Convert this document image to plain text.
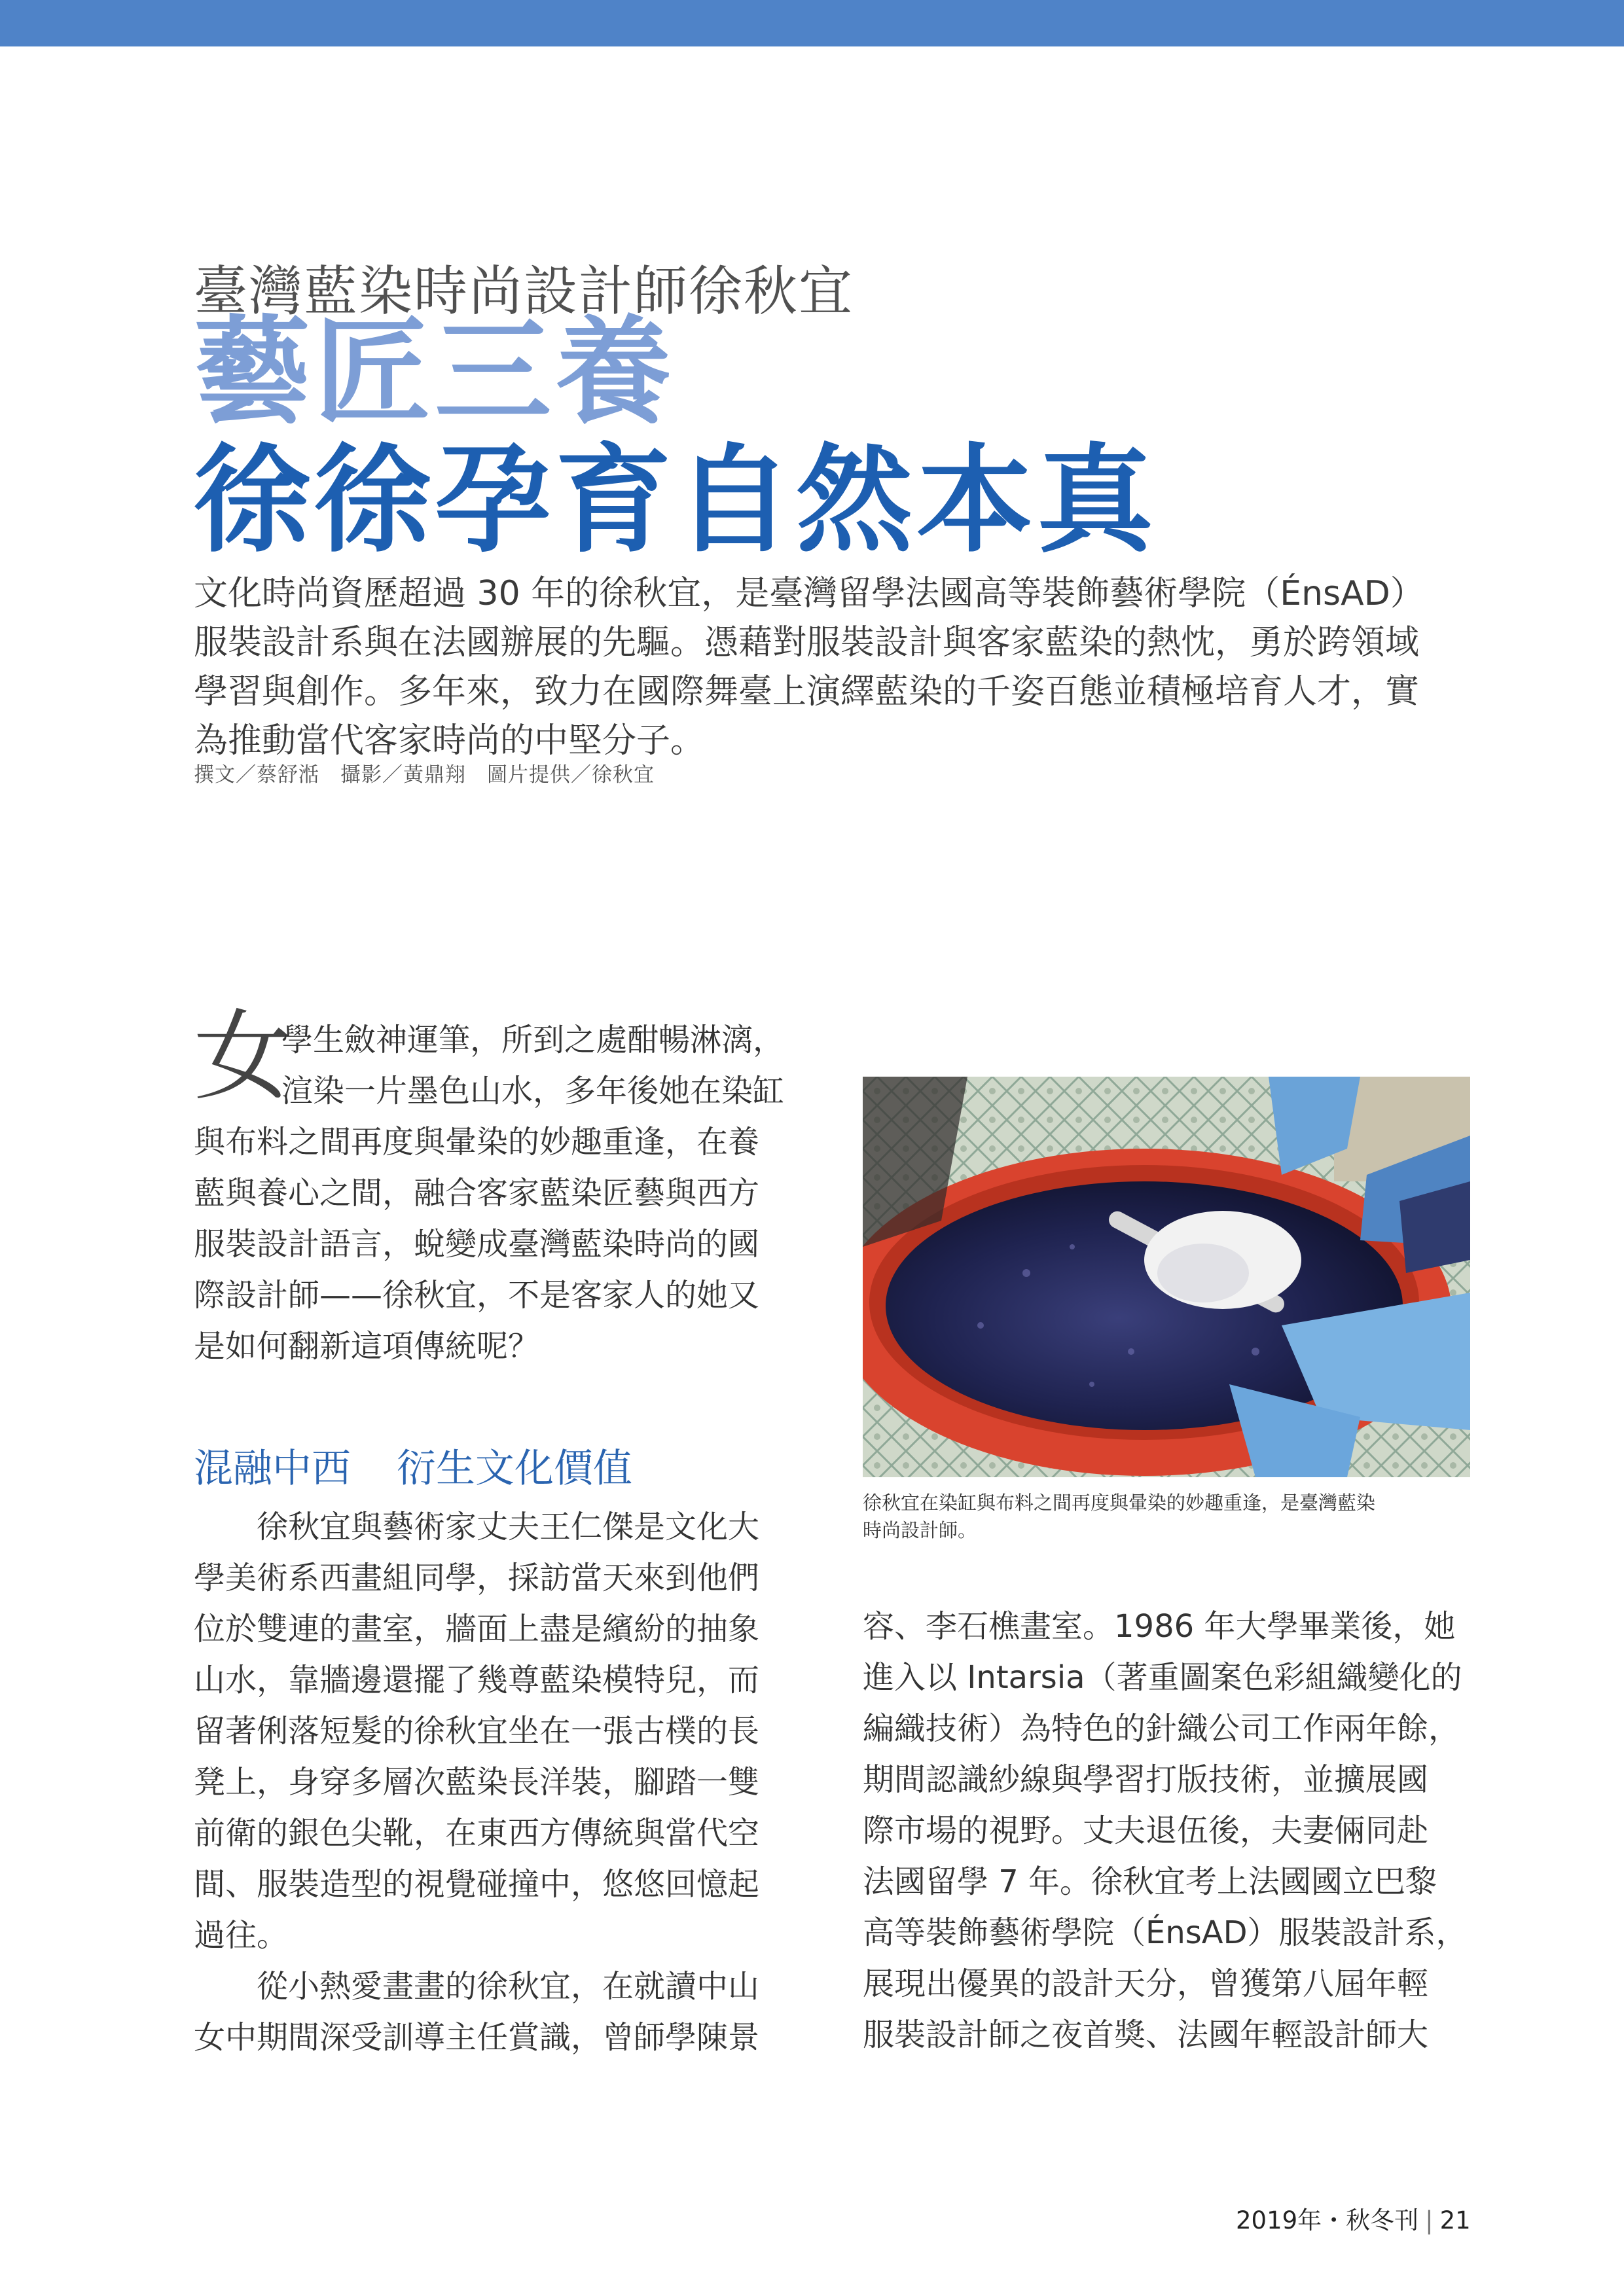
臺灣藍染時尚設計師徐秋宜
藝匠三養
徐徐孕育自然本真

文化時尚資歷超過 30 年的徐秋宜，是臺灣留學法國高等裝飾藝術學院（ÉnsAD）

服裝設計系與在法國辦展的先驅。憑藉對服裝設計與客家藍染的熱忱，勇於跨領域

學習與創作。多年來，致力在國際舞臺上演繹藍染的千姿百態並積極培育人才，實

為推動當代客家時尚的中堅分子。

撰文／蔡舒湉　攝影／黃鼎翔　圖片提供／徐秋宜
女
學生斂神運筆，所到之處酣暢淋漓，
渲染一片墨色山水，多年後她在染缸

與布料之間再度與暈染的妙趣重逢，在養

藍與養心之間，融合客家藍染匠藝與西方

服裝設計語言，蛻變成臺灣藍染時尚的國

際設計師——徐秋宜，不是客家人的她又

是如何翻新這項傳統呢？

混融中西 衍生文化價值

　　徐秋宜與藝術家丈夫王仁傑是文化大

學美術系西畫組同學，採訪當天來到他們

位於雙連的畫室，牆面上盡是繽紛的抽象

山水，靠牆邊還擺了幾尊藍染模特兒，而

留著俐落短髮的徐秋宜坐在一張古樸的長

凳上，身穿多層次藍染長洋裝，腳踏一雙

前衛的銀色尖靴，在東西方傳統與當代空

間、服裝造型的視覺碰撞中，悠悠回憶起

過往。

　　從小熱愛畫畫的徐秋宜，在就讀中山

女中期間深受訓導主任賞識，曾師學陳景

徐秋宜在染缸與布料之間再度與暈染的妙趣重逢，是臺灣藍染

時尚設計師。

容、李石樵畫室。1986 年大學畢業後，她

進入以 Intarsia（著重圖案色彩組織變化的

編織技術）為特色的針織公司工作兩年餘，

期間認識紗線與學習打版技術，並擴展國

際市場的視野。丈夫退伍後，夫妻倆同赴

法國留學 7 年。徐秋宜考上法國國立巴黎

高等裝飾藝術學院（ÉnsAD）服裝設計系，

展現出優異的設計天分，曾獲第八屆年輕

服裝設計師之夜首獎、法國年輕設計師大

2019年・秋冬刊 | 21
